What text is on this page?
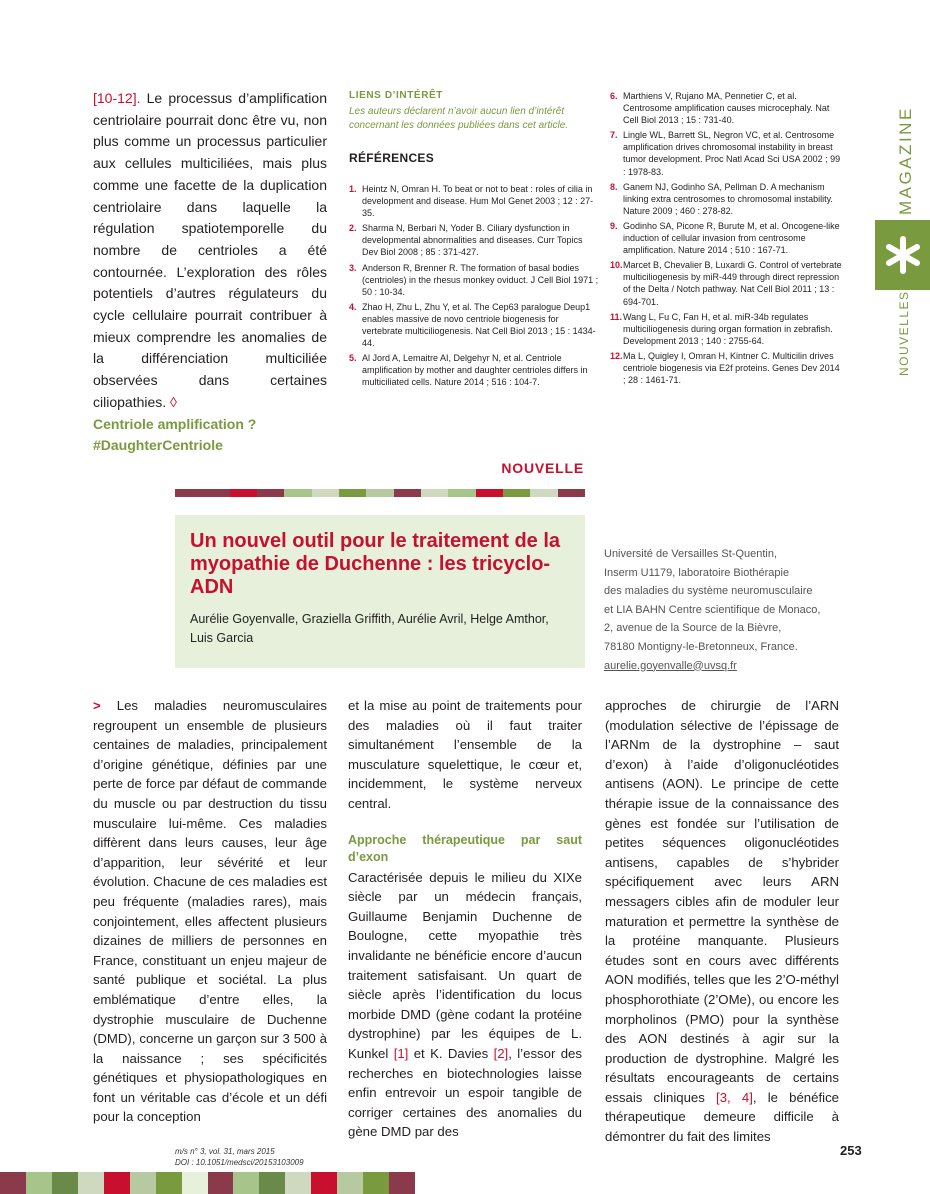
[10-12]. Le processus d’amplification centriolaire pourrait donc être vu, non plus comme un processus particulier aux cellules multiciliées, mais plus comme une facette de la duplication centriolaire dans laquelle la régulation spatiotemporelle du nombre de centrioles a été contournée. L’exploration des rôles potentiels d’autres régulateurs du cycle cellulaire pourrait contribuer à mieux comprendre les anomalies de la différenciation multiciliée observées dans certaines ciliopathies. ◊
Centriole amplification ?
#DaughterCentriole

LIENS D’INTÉRÊT

Les auteurs déclarent n’avoir aucun lien d’intérêt concernant les données publiées dans cet article.

RÉFÉRENCES

1. Heintz N, Omran H. To beat or not to beat : roles of cilia in development and disease. Hum Mol Genet 2003 ; 12 : 27-35.
2. Sharma N, Berbari N, Yoder B. Ciliary dysfunction in developmental abnormalities and diseases. Curr Topics Dev Biol 2008 ; 85 : 371-427.
3. Anderson R, Brenner R. The formation of basal bodies (centrioles) in the rhesus monkey oviduct. J Cell Biol 1971 ; 50 : 10-34.
4. Zhao H, Zhu L, Zhu Y, et al. The Cep63 paralogue Deup1 enables massive de novo centriole biogenesis for vertebrate multiciliogenesis. Nat Cell Biol 2013 ; 15 : 1434-44.
5. Al Jord A, Lemaitre AI, Delgehyr N, et al. Centriole amplification by mother and daughter centrioles differs in multiciliated cells. Nature 2014 ; 516 : 104-7.
6. Marthiens V, Rujano MA, Pennetier C, et al. Centrosome amplification causes microcephaly. Nat Cell Biol 2013 ; 15 : 731-40.
7. Lingle WL, Barrett SL, Negron VC, et al. Centrosome amplification drives chromosomal instability in breast tumor development. Proc Natl Acad Sci USA 2002 ; 99 : 1978-83.
8. Ganem NJ, Godinho SA, Pellman D. A mechanism linking extra centrosomes to chromosomal instability. Nature 2009 ; 460 : 278-82.
9. Godinho SA, Picone R, Burute M, et al. Oncogene-like induction of cellular invasion from centrosome amplification. Nature 2014 ; 510 : 167-71.
10. Marcet B, Chevalier B, Luxardi G. Control of vertebrate multiciliogenesis by miR-449 through direct repression of the Delta / Notch pathway. Nat Cell Biol 2011 ; 13 : 694-701.
11. Wang L, Fu C, Fan H, et al. miR-34b regulates multiciliogenesis during organ formation in zebrafish. Development 2013 ; 140 : 2755-64.
12. Ma L, Quigley I, Omran H, Kintner C. Multicilin drives centriole biogenesis via E2f proteins. Genes Dev 2014 ; 28 : 1461-71.
MAGAZINE
NOUVELLES
NOUVELLE
Un nouvel outil pour le traitement de la myopathie de Duchenne : les tricyclo-ADN
Aurélie Goyenvalle, Graziella Griffith, Aurélie Avril, Helge Amthor, Luis Garcia
Université de Versailles St-Quentin,
Inserm U1179, laboratoire Biothérapie
des maladies du système neuromusculaire
et LIA BAHN Centre scientifique de Monaco,
2, avenue de la Source de la Bièvre,
78180 Montigny-le-Bretonneux, France.
aurelie.goyenvalle@uvsq.fr

> Les maladies neuromusculaires regroupent un ensemble de plusieurs centaines de maladies, principalement d’origine génétique, définies par une perte de force par défaut de commande du muscle ou par destruction du tissu musculaire lui-même. Ces maladies diffèrent dans leurs causes, leur âge d’apparition, leur sévérité et leur évolution. Chacune de ces maladies est peu fréquente (maladies rares), mais conjointement, elles affectent plusieurs dizaines de milliers de personnes en France, constituant un enjeu majeur de santé publique et sociétal. La plus emblématique d’entre elles, la dystrophie musculaire de Duchenne (DMD), concerne un garçon sur 3 500 à la naissance ; ses spécificités génétiques et physiopathologiques en font un véritable cas d’école et un défi pour la conception

et la mise au point de traitements pour des maladies où il faut traiter simultanément l’ensemble de la musculature squelettique, le cœur et, incidemment, le système nerveux central.

Approche thérapeutique par saut d’exon

Caractérisée depuis le milieu du XIXe siècle par un médecin français, Guillaume Benjamin Duchenne de Boulogne, cette myopathie très invalidante ne bénéficie encore d’aucun traitement satisfaisant. Un quart de siècle après l’identification du locus morbide DMD (gène codant la protéine dystrophine) par les équipes de L. Kunkel [1] et K. Davies [2], l’essor des recherches en biotechnologies laisse enfin entrevoir un espoir tangible de corriger certaines des anomalies du gène DMD par des

approches de chirurgie de l’ARN (modulation sélective de l’épissage de l’ARNm de la dystrophine – saut d’exon) à l’aide d’oligonucléotides antisens (AON). Le principe de cette thérapie issue de la connaissance des gènes est fondée sur l’utilisation de petites séquences oligonucléotides antisens, capables de s’hybrider spécifiquement avec leurs ARN messagers cibles afin de moduler leur maturation et permettre la synthèse de la protéine manquante. Plusieurs études sont en cours avec différents AON modifiés, telles que les 2’O-méthyl phosphorothiate (2’OMe), ou encore les morpholinos (PMO) pour la synthèse des AON destinés à agir sur la production de dystrophine. Malgré les résultats encourageants de certains essais cliniques [3, 4], le bénéfice thérapeutique demeure difficile à démontrer du fait des limites

m/s n° 3, vol. 31, mars 2015
DOI : 10.1051/medsci/20153103009
253
